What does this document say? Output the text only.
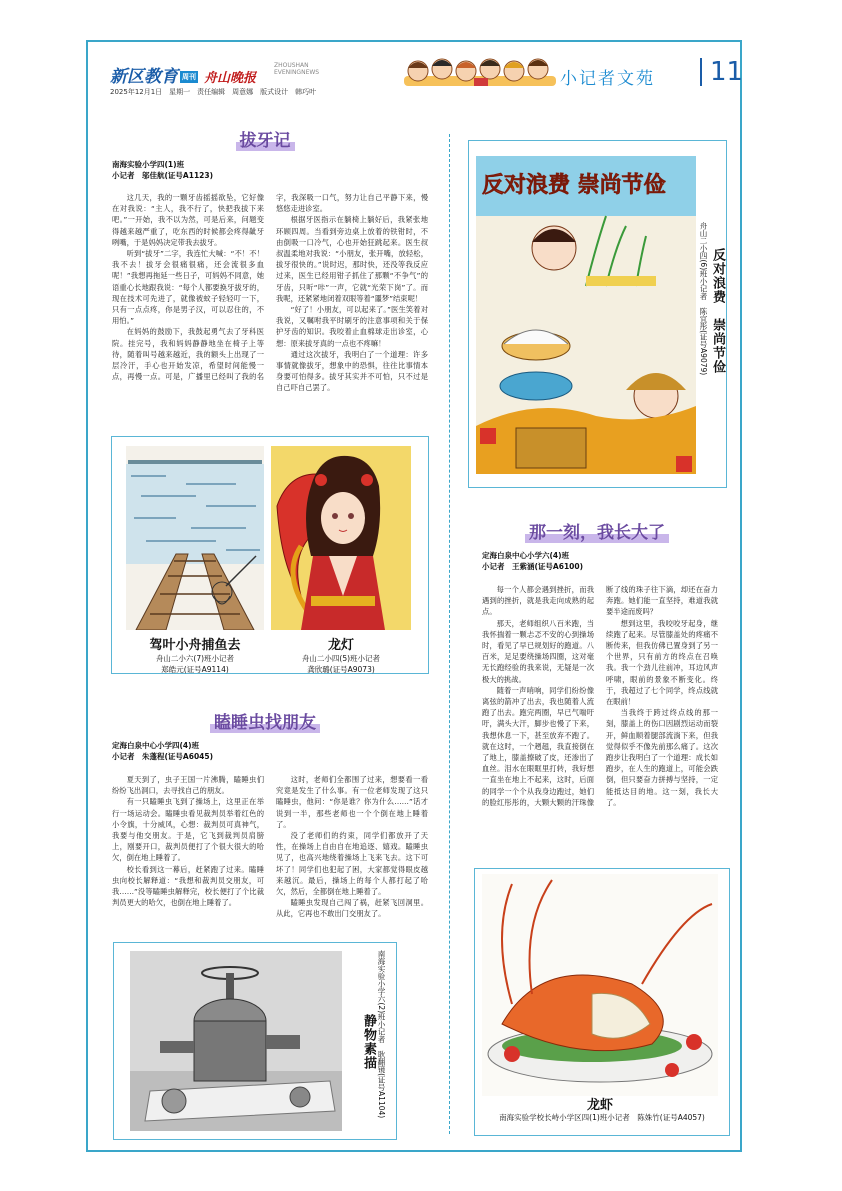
新区教育 周刊 舟山晚报
ZHOUSHAN
EVENINGNEWS
2025年12月1日　星期一　责任编辑　周意娜　版式设计　韩巧叶
小记者文苑	11
拔牙记
南海实验小学四(1)班
小记者　邬佳航(证号A1123)

这几天，我的一颗牙齿摇摇欲坠，它好像在对我说：“主人，我不行了，快把我拔下来吧。”一开始，我不以为然，可是后来，问题变得越来越严重了，吃东西的时候都会疼得龇牙咧嘴，于是妈妈决定带我去拔牙。

听到“拔牙”二字，我连忙大喊：“不！不！我不去！拔牙会很痛很痛，还会流很多血呢！”我想再拖延一些日子，可妈妈不同意，她语重心长地跟我说：“每个人都要换牙拔牙的，现在技术可先进了，就像被蚊子轻轻叮一下，只有一点点疼，你是男子汉，可以忍住的，不用怕。”

在妈妈的鼓励下，我鼓起勇气去了牙科医院。挂完号，我和妈妈静静地坐在椅子上等待，随着叫号越来越近，我的额头上出现了一层冷汗，手心也开始发凉，希望时间能慢一点，再慢一点。可是，广播里已经叫了我的名字，我深吸一口气，努力让自己平静下来，慢悠悠走进诊室。

根据牙医指示在躺椅上躺好后，我紧张地环顾四周。当看到旁边桌上放着的铁钳时，不由倒吸一口冷气，心也开始狂跳起来。医生叔叔温柔地对我说：“小朋友，张开嘴，放轻松，拔牙很快的。”说时迟，那时快，还没等我反应过来，医生已经用钳子抓住了那颗“不争气”的牙齿，只听“咔”一声，它就“光荣下岗”了。而我呢，还紧紧地闭着双眼等着“噩梦”结束呢！

“好了！小朋友，可以起来了。”医生笑着对我说，又嘱咐我平时刷牙的注意事项和关于保护牙齿的知识。我咬着止血棉球走出诊室，心想：原来拔牙真的一点也不疼嘛！

通过这次拔牙，我明白了一个道理：许多事情就像拔牙，想象中的恐惧，往往比事情本身要可怕得多。拔牙其实并不可怕，只不过是自己吓自己罢了。

驾叶小舟捕鱼去
舟山二小六(7)班小记者
郑皓元(证号A9114)
龙灯
舟山二小四(5)班小记者
龚欣璐(证号A9073)
瞌睡虫找朋友
定海白泉中心小学四(4)班
小记者　朱蓬程(证号A6045)

夏天到了，虫子王国一片沸腾，瞌睡虫们纷纷飞出洞口，去寻找自己的朋友。

有一只瞌睡虫飞到了操场上，这里正在举行一场运动会。瞌睡虫看见裁判员举着红色的小令旗，十分威风，心想：裁判员可真神气，我要与他交朋友。于是，它飞到裁判员肩膀上，刚要开口，裁判员便打了个很大很大的哈欠，倒在地上睡着了。

校长看到这一幕后，赶紧跑了过来。瞌睡虫向校长解释道：“我想和裁判员交朋友，可我……”没等瞌睡虫解释完，校长便打了个比裁判员更大的哈欠，也倒在地上睡着了。

这时，老师们全都围了过来，想要看一看究竟是发生了什么事。有一位老师发现了这只瞌睡虫，他问：“你是谁？你为什么……”话才说到一半，那些老师也一个个倒在地上睡着了。

没了老师们的约束，同学们都放开了天性，在操场上自由自在地追逐、嬉戏。瞌睡虫见了，也高兴地绕着操场上飞来飞去。这下可坏了！同学们也犯起了困，大家都觉得眼皮越来越沉。最后，操场上的每个人都打起了哈欠，然后，全都倒在地上睡着了。

瞌睡虫发现自己闯了祸，赶紧飞回洞里。从此，它再也不敢出门交朋友了。

静物素描 南海实验小学六(2)班小记者　耿翻镜(证号A1104)
反对浪费 崇尚节俭
反对浪费　崇尚节俭
舟山二小四(6)班小记者　陈宜彤(证号A9079)
那一刻，我长大了
定海白泉中心小学六(4)班
小记者　王紫涵(证号A6100)

每一个人都会遇到挫折，而我遇到的挫折，就是我走向成熟的起点。

那天，老师组织八百米跑，当我怀揣着一颗忐忑不安的心到操场时，看见了早已规划好的跑道。八百米，足足要绕操场四圈，这对毫无长跑经验的我来说，无疑是一次极大的挑战。

随着一声哨响，同学们纷纷像离弦的箭冲了出去，我也随着人流跑了出去。跑完两圈，早已气喘吁吁，满头大汗，脚步也慢了下来，我想休息一下，甚至放弃不跑了。就在这时，一个趔趄，我直接倒在了地上，膝盖擦破了皮，还渗出了血丝。泪水在眼眶里打转，我好想一直坐在地上不起来，这时，后面的同学一个个从我身边跑过，她们的脸红彤彤的，大颗大颗的汗珠像断了线的珠子往下滴，却还在奋力奔跑。她们能一直坚持，难道我就要半途而废吗？

想到这里，我咬咬牙起身，继续跑了起来。尽管膝盖处的疼痛不断传来，但我仿佛已置身到了另一个世界，只有前方的终点在召唤我。我一个劲儿往前冲，耳边风声呼啸，眼前的景象不断变化。终于，我超过了七个同学，终点线就在眼前！

当我终于跨过终点线的那一刻，膝盖上的伤口因剧烈运动而裂开，鲜血顺着腿部流淌下来，但我觉得似乎不像先前那么痛了。这次跑步让我明白了一个道理：成长如跑步，在人生的跑道上，可能会跌倒，但只要奋力拼搏与坚持，一定能抵达目的地。这一刻，我长大了。

龙虾
南海实验学校长峙小学区四(1)班小记者　陈姝竹(证号A4057)
